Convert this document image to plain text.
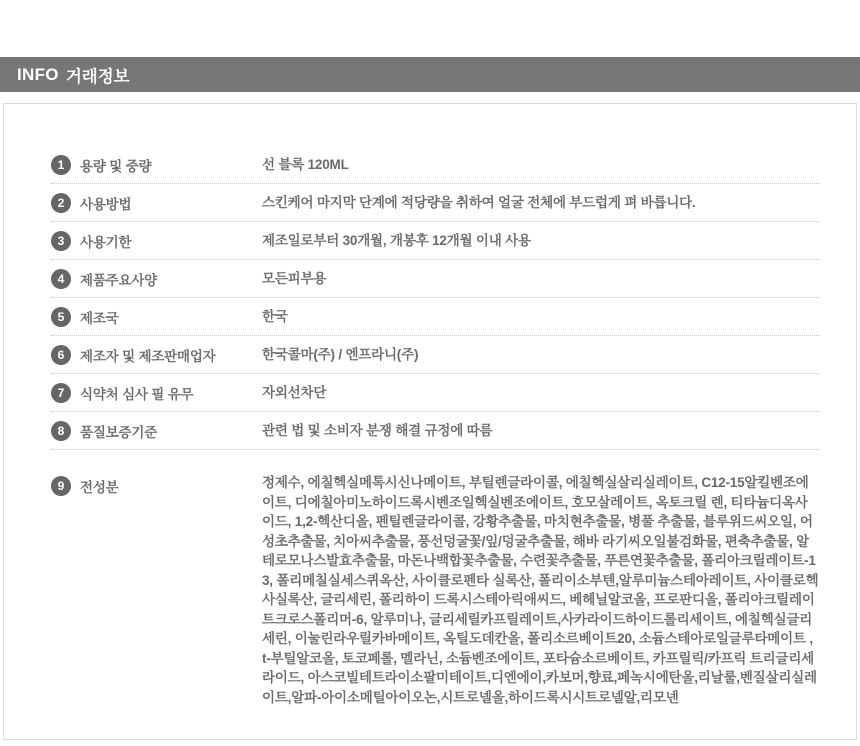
INFO 거래정보
1	용량 및 중량	선 블록 120ML
2	사용방법	스킨케어 마지막 단계에 적당량을 취하여 얼굴 전체에 부드럽게 펴 바릅니다.
3	사용기한	제조일로부터 30개월, 개봉후 12개월 이내 사용
4	제품주요사양	모든피부용
5	제조국	한국
6	제조자 및 제조판매업자	한국콜마(주) / 엔프라니(주)
7	식약처 심사 필 유무	자외선차단
8	품질보증기준	관련 법 및 소비자 분쟁 해결 규정에 따름
9	전성분	정제수, 에칠헥실메톡시신나메이트, 부틸렌글라이콜, 에칠헥실살리실레이트, C12-15알킬벤조에이트, 디에칠아미노하이드록시벤조일헥실벤조에이트, 호모살레이트, 옥토크릴 렌, 티타늄디옥사이드, 1,2-헥산디올, 펜틸렌글라이콜, 강황추출물, 마치현추출물, 병풀 추출물, 블루위드씨오일, 어성초추출물, 치아씨추출물, 풍선덩굴꽃/잎/덩굴추출물, 해바 라기씨오일불검화물, 편축추출물, 알테로모나스발효추출물, 마돈나백합꽃추출물, 수련꽃추출물, 푸른연꽃추출물, 폴리아크릴레이트-13, 폴리메칠실세스퀴옥산, 사이클로펜타 실록산, 폴리이소부텐,알루미늄스테아레이트, 사이클로헥사실록산, 글리세린, 폴리하이 드록시스테아릭애씨드, 베헤닐알코올, 프로판디올, 폴리아크릴레이트크로스폴리머-6, 알루미나, 글리세릴카프릴레이트,사카라이드하이드롤리세이트, 에칠헥실글리세린, 이눌린라우릴카바메이트, 옥틸도데칸올, 폴리소르베이트20, 소듐스테아로일글루타메이트 , t-부틸알코올, 토코페롤, 멜라닌, 소듐벤조에이트, 포타슘소르베이트, 카프릴릭/카프릭 트리글리세라이드, 아스코빌테트라이소팔미테이트,디엔에이,카보머,향료,페녹시에탄올,리날룰,벤질살리실레이트,알파-아이소메틸아이오논,시트로넬올,하이드록시시트로넬알,리모넨
